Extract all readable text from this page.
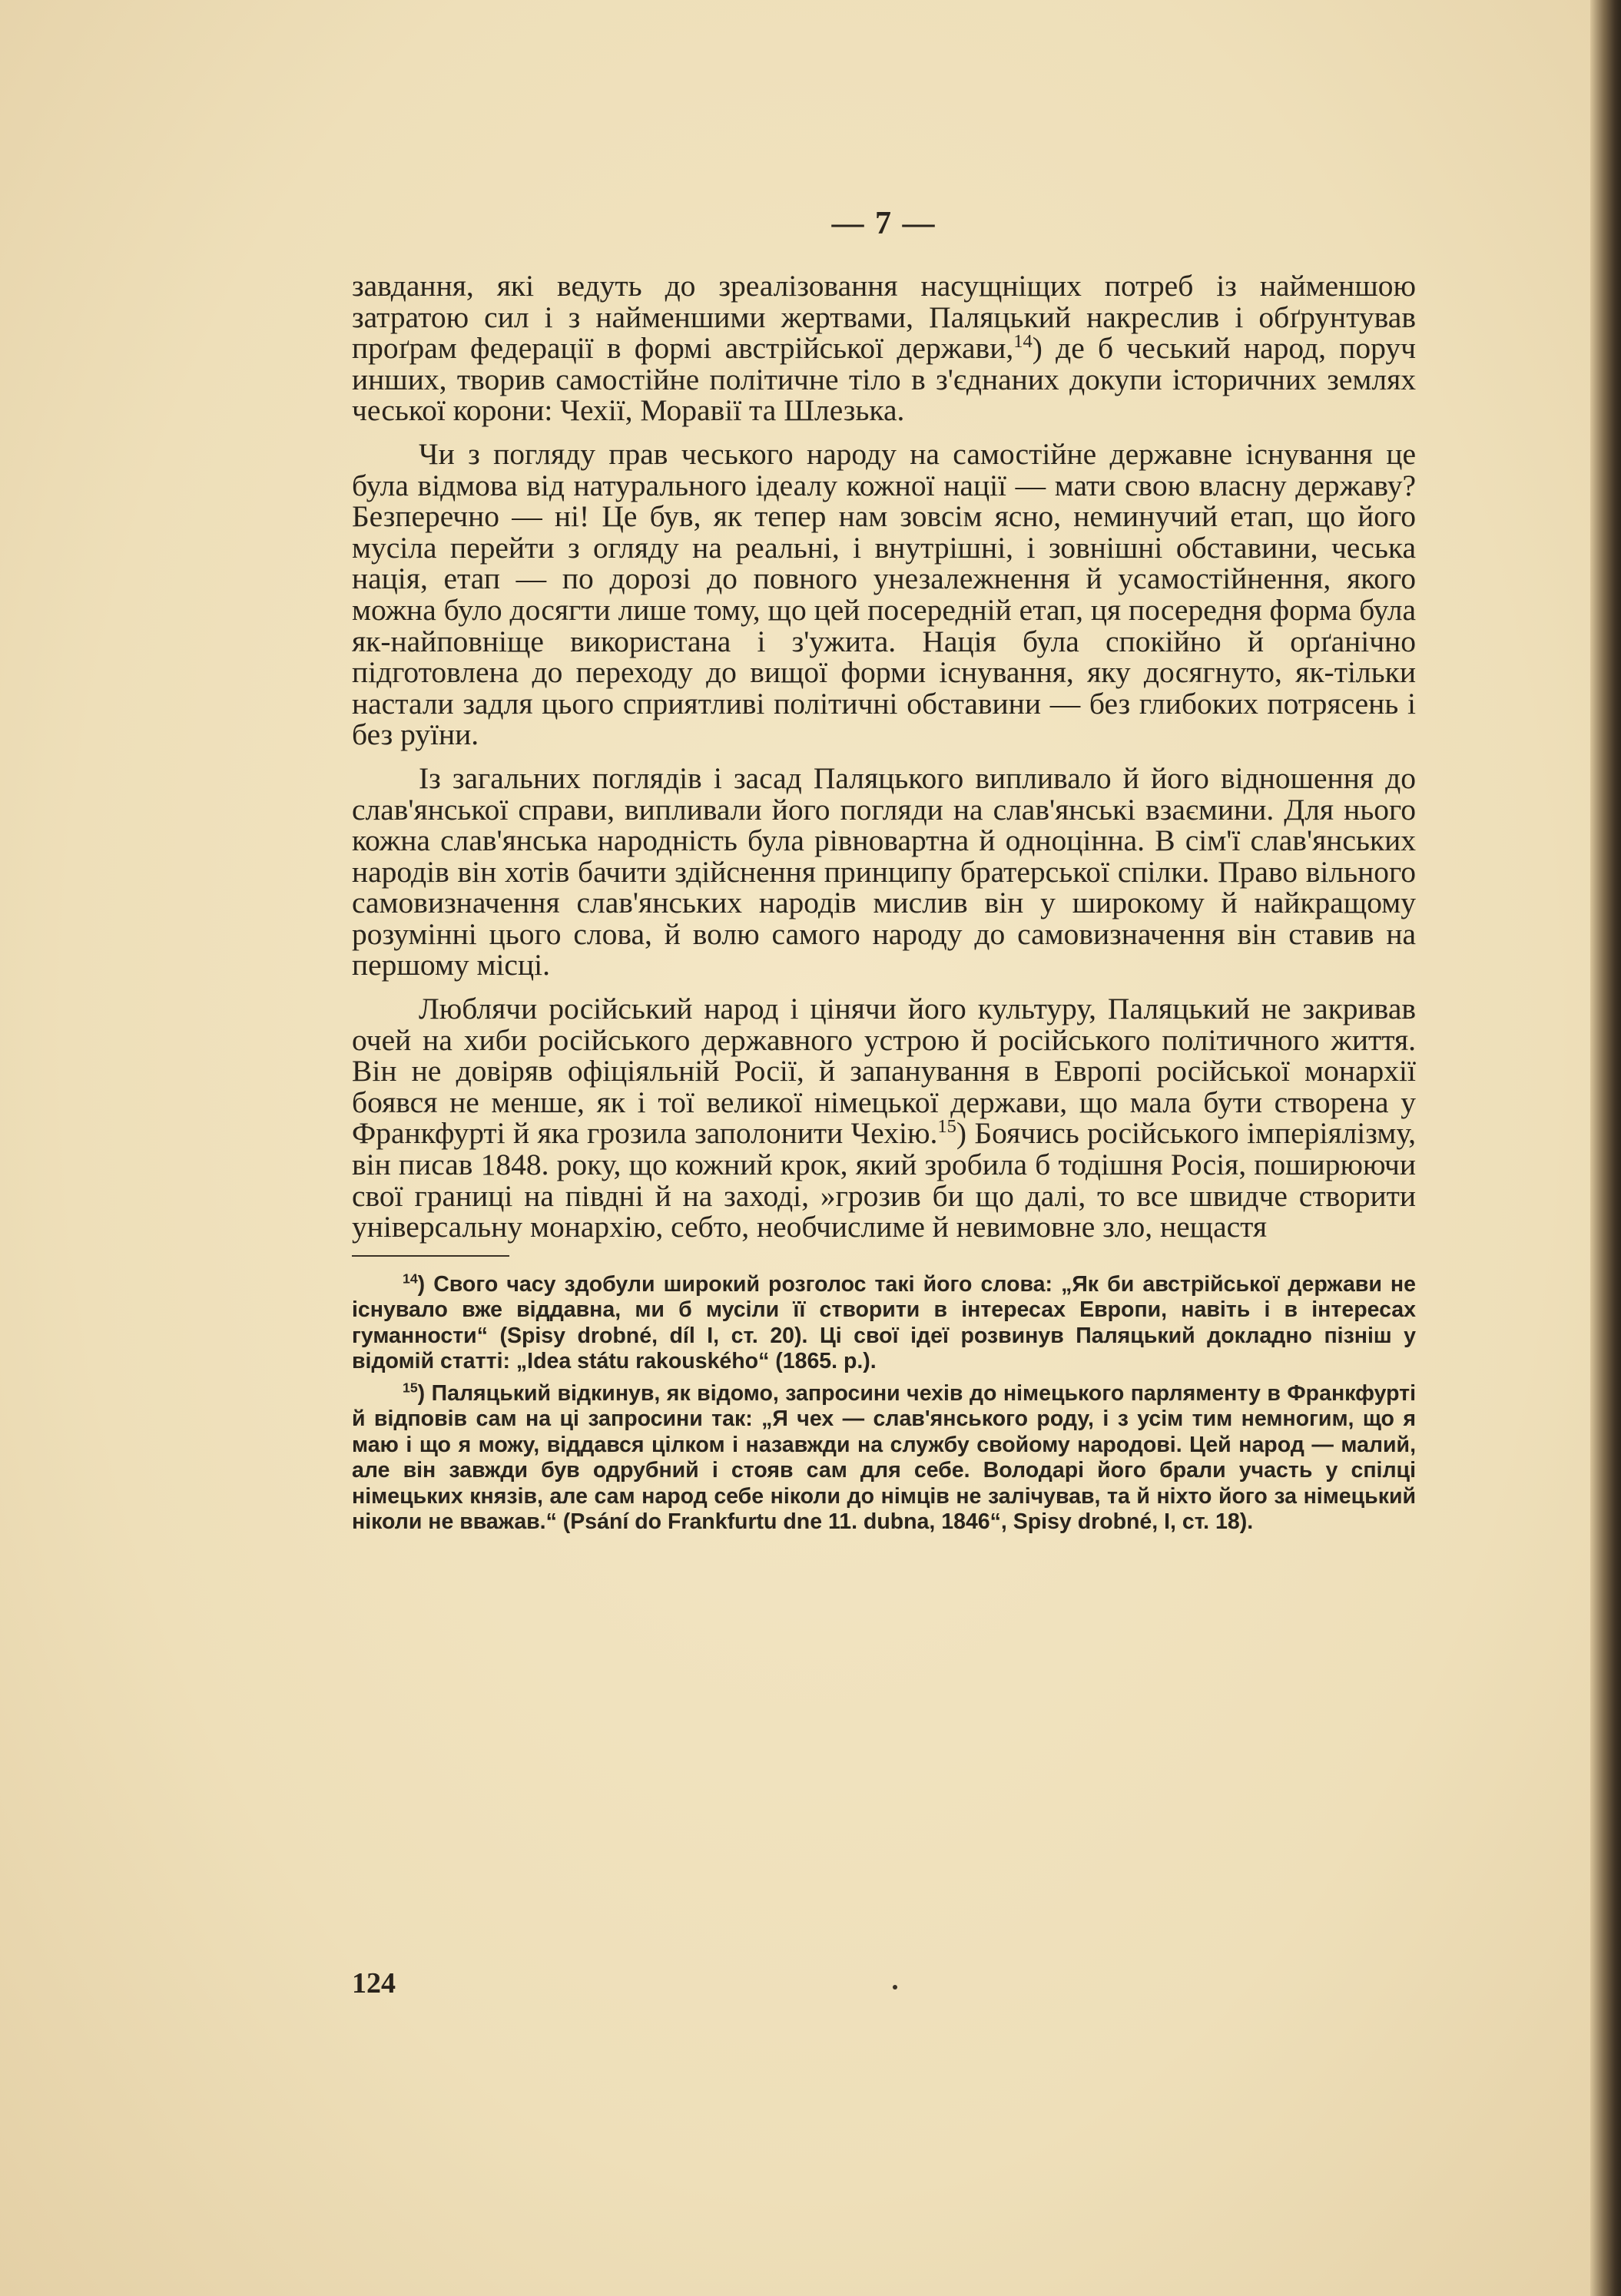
— 7 —

завдання, які ведуть до зреалізовання насущніщих потреб із найменшою затратою сил і з найменшими жертвами, Паляцький накреслив і обґрунтував проґрам федерації в формі австрійської держави,$^{14}$) де б чеський народ, поруч инших, творив самостійне політичне тіло в з'єднаних докупи історичних землях чеської корони: Чехії, Моравії та Шлезька.

Чи з погляду прав чеського народу на самостійне державне існування це була відмова від натурального ідеалу кожної нації — мати свою власну державу? Безперечно — ні! Це був, як тепер нам зовсім ясно, неминучий етап, що його мусіла перейти з огляду на реальні, і внутрішні, і зовнішні обставини, чеська нація, етап — по дорозі до повного унезалежнення й усамостійнення, якого можна було досягти лише тому, що цей посередній етап, ця посередня форма була як-найповніще використана і з'ужита. Нація була спокійно й орґанічно підготовлена до переходу до вищої форми існування, яку досягнуто, як-тільки настали задля цього сприятливі політичні обставини — без глибоких потрясень і без руїни.

Із загальних поглядів і засад Паляцького випливало й його відношення до слав'янської справи, випливали його погляди на слав'янські взаємини. Для нього кожна слав'янська народність була рівновартна й одноцінна. В сім'ї слав'янських народів він хотів бачити здійснення принципу братерської спілки. Право вільного самовизначення слав'янських народів мислив він у широкому й найкращому розумінні цього слова, й волю самого народу до самовизначення він ставив на першому місці.

Люблячи російський народ і цінячи його культуру, Паляцький не закривав очей на хиби російського державного устрою й російського політичного життя. Він не довіряв офіціяльній Росії, й запанування в Европі російської монархії боявся не менше, як і тої великої німецької держави, що мала бути створена у Франкфурті й яка грозила заполонити Чехію.$^{15}$) Боячись російського імперіялізму, він писав 1848. року, що кожний крок, який зробила б тодішня Росія, поширюючи свої границі на півдні й на заході, »грозив би що далі, то все швидче створити універсальну монархію, себто, необчислиме й невимовне зло, нещастя

$^{14}$) Свого часу здобули широкий розголос такі його слова: „Як би австрійської держави не існувало вже віддавна, ми б мусіли її створити в інтересах Европи, навіть і в інтересах гуманности“ (Spisy drobné, díl I, ст. 20). Ці свої ідеї розвинув Паляцький докладно пізніш у відомій статті: „Idea státu rakouského“ (1865. р.).

$^{15}$) Паляцький відкинув, як відомо, запросини чехів до німецького парляменту в Франкфурті й відповів сам на ці запросини так: „Я чех — слав'янського роду, і з усім тим немногим, що я маю і що я можу, віддався цілком і назавжди на службу свойому народові. Цей народ — малий, але він завжди був одрубний і стояв сам для себе. Володарі його брали участь у спілці німецьких князів, але сам народ себе ніколи до німців не залічував, та й ніхто його за німецький ніколи не вважав.“ (Psání do Frankfurtu dne 11. dubna, 1846“, Spisy drobné, I, ст. 18).

124
